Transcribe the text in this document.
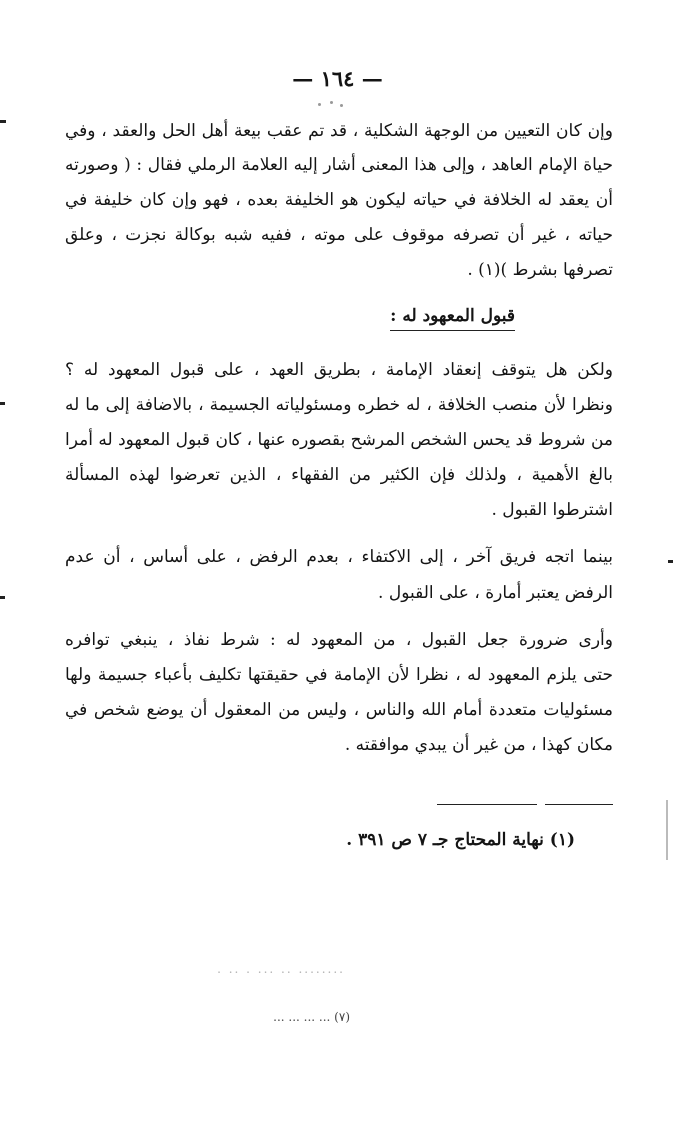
— ١٦٤ —
وإن كان التعيين من الوجهة الشكلية ، قد تم عقب بيعة أهل الحل والعقد ، وفي
حياة الإمام العاهد ، وإلى هذا المعنى أشار إليه العلامة الرملي فقال : ( وصورته
أن يعقد له الخلافة في حياته ليكون هو الخليفة بعده ، فهو وإن كان خليفة في
حياته ، غير أن تصرفه موقوف على موته ، ففيه شبه بوكالة نجزت ، وعلق
تصرفها بشرط )(١) .
قبول المعهود له :
ولكن هل يتوقف إنعقاد الإمامة ، بطريق العهد ، على قبول المعهود له ؟
ونظرا لأن منصب الخلافة ، له خطره ومسئولياته الجسيمة ، بالاضافة إلى ما له
من شروط قد يحس الشخص المرشح بقصوره عنها ، كان قبول المعهود له أمرا
بالغ الأهمية ، ولذلك فإن الكثير من الفقهاء ، الذين تعرضوا لهذه المسألة
اشترطوا القبول .
بينما اتجه فريق آخر ، إلى الاكتفاء ، بعدم الرفض ، على أساس ، أن عدم
الرفض يعتبر أمارة ، على القبول .
وأرى ضرورة جعل القبول ، من المعهود له : شرط نفاذ ، ينبغي توافره
حتى يلزم المعهود له ، نظرا لأن الإمامة في حقيقتها تكليف بأعباء جسيمة ولها
مسئوليات متعددة أمام الله والناس ، وليس من المعقول أن يوضع شخص في
مكان كهذا ، من غير أن يبدي موافقته .
(١) نهاية المحتاج جـ ٧ ص ٣٩١ .
........ .. ... . .. .
(٧) ... ... ... ...
